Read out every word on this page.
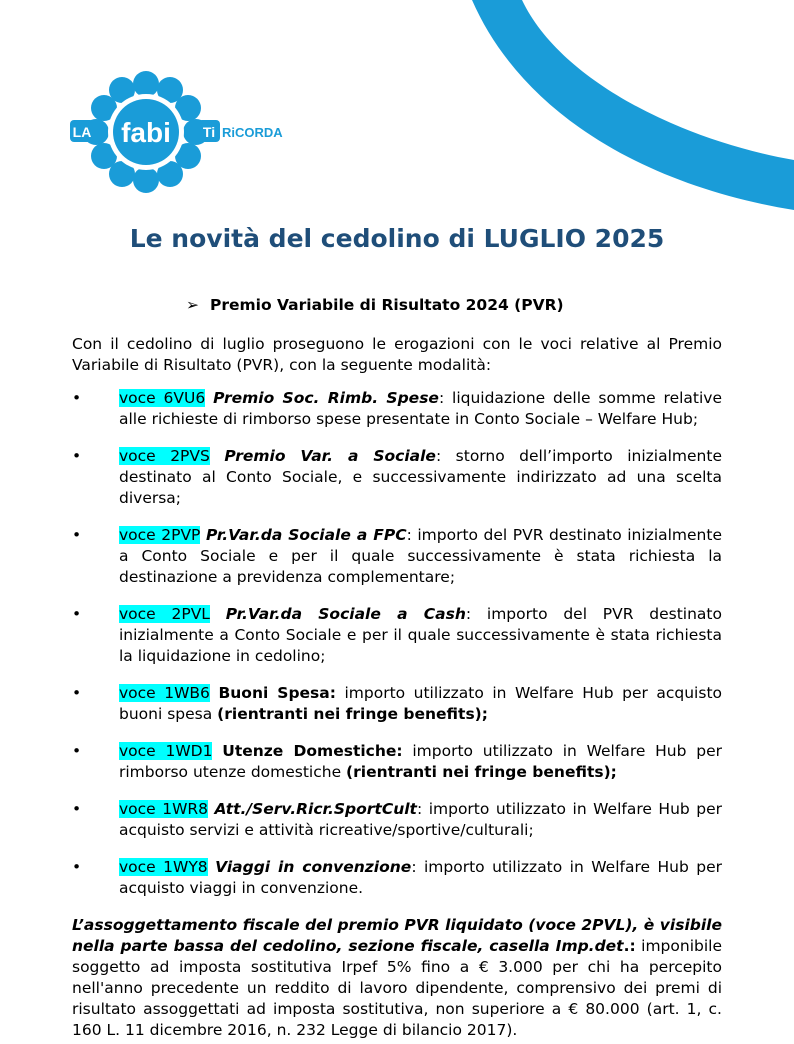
LA fabi Ti RiCORDA
Le novità del cedolino di LUGLIO 2025
➢ Premio Variabile di Risultato 2024 (PVR)

Con il cedolino di luglio proseguono le erogazioni con le voci relative al Premio Variabile di Risultato (PVR), con la seguente modalità:

•	voce 6VU6 Premio Soc. Rimb. Spese: liquidazione delle somme relative alle richieste di rimborso spese presentate in Conto Sociale – Welfare Hub;
•	voce 2PVS Premio Var. a Sociale: storno dell’importo inizialmente destinato al Conto Sociale, e successivamente indirizzato ad una scelta diversa;
•	voce 2PVP Pr.Var.da Sociale a FPC: importo del PVR destinato inizialmente a Conto Sociale e per il quale successivamente è stata richiesta la destinazione a previdenza complementare;
•	voce 2PVL Pr.Var.da Sociale a Cash: importo del PVR destinato inizialmente a Conto Sociale e per il quale successivamente è stata richiesta la liquidazione in cedolino;
•	voce 1WB6 Buoni Spesa: importo utilizzato in Welfare Hub per acquisto buoni spesa (rientranti nei fringe benefits);
•	voce 1WD1 Utenze Domestiche: importo utilizzato in Welfare Hub per rimborso utenze domestiche (rientranti nei fringe benefits);
•	voce 1WR8 Att./Serv.Ricr.SportCult: importo utilizzato in Welfare Hub per acquisto servizi e attività ricreative/sportive/culturali;
•	voce 1WY8 Viaggi in convenzione: importo utilizzato in Welfare Hub per acquisto viaggi in convenzione.

L’assoggettamento fiscale del premio PVR liquidato (voce 2PVL), è visibile nella parte bassa del cedolino, sezione fiscale, casella Imp.det.: imponibile soggetto ad imposta sostitutiva Irpef 5% fino a € 3.000 per chi ha percepito nell'anno precedente un reddito di lavoro dipendente, comprensivo dei premi di risultato assoggettati ad imposta sostitutiva, non superiore a € 80.000 (art. 1, c. 160 L. 11 dicembre 2016, n. 232 Legge di bilancio 2017).
